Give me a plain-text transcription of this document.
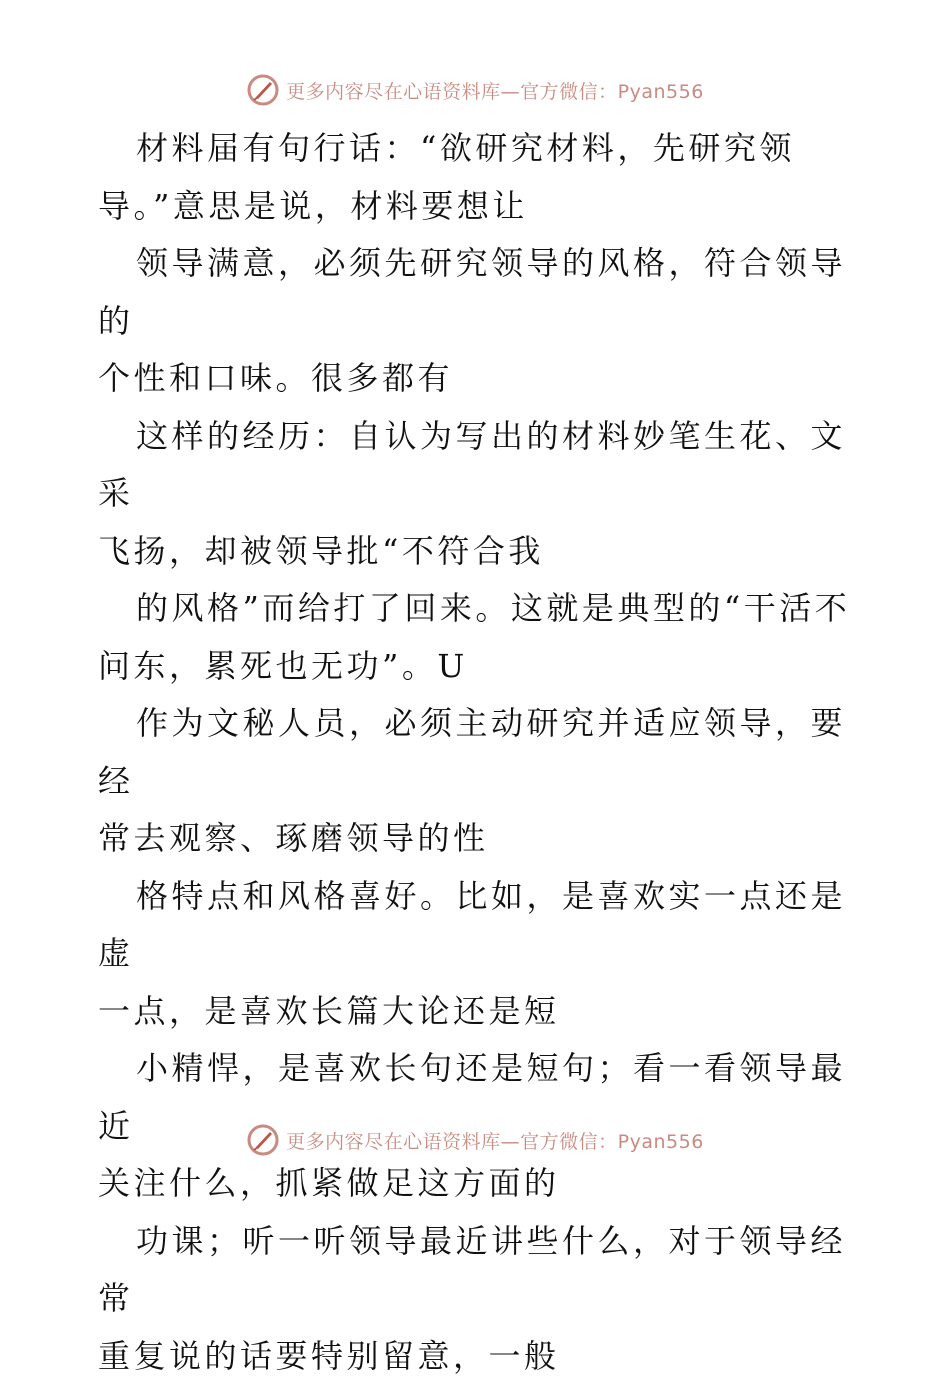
更多内容尽在心语资料库—官方微信：Pyan556

材料届有句行话：“欲研究材料，先研究领
导。”意思是说，材料要想让

领导满意，必须先研究领导的风格，符合领导的
个性和口味。很多都有

这样的经历：自认为写出的材料妙笔生花、文采
飞扬，却被领导批“不符合我

的风格”而给打了回来。这就是典型的“干活不
问东，累死也无功”。U

作为文秘人员，必须主动研究并适应领导，要经
常去观察、琢磨领导的性

格特点和风格喜好。比如，是喜欢实一点还是虚
一点，是喜欢长篇大论还是短

小精悍，是喜欢长句还是短句；看一看领导最近
关注什么，抓紧做足这方面的

功课；听一听领导最近讲些什么，对于领导经常
重复说的话要特别留意，一般

更多内容尽在心语资料库—官方微信：Pyan556
